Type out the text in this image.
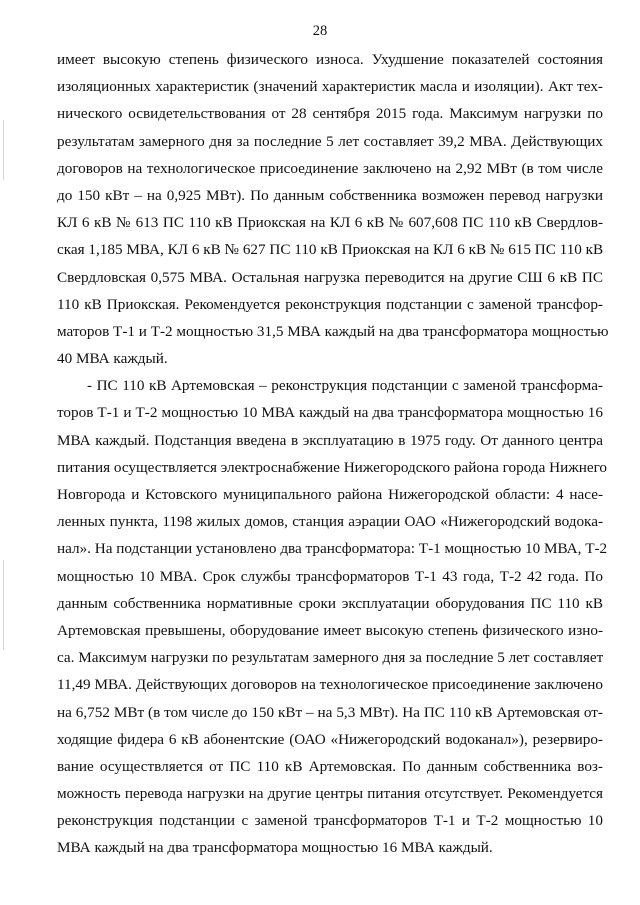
28
имеет высокую степень физического износа. Ухудшение показателей состояния
изоляционных характеристик (значений характеристик масла и изоляции). Акт тех-
нического освидетельствования от 28 сентября 2015 года. Максимум нагрузки по
результатам замерного дня за последние 5 лет составляет 39,2 МВА. Действующих
договоров на технологическое присоединение заключено на 2,92 МВт (в том числе
до 150 кВт – на 0,925 МВт). По данным собственника возможен перевод нагрузки
КЛ 6 кВ № 613 ПС 110 кВ Приокская на КЛ 6 кВ № 607,608 ПС 110 кВ Свердлов-
ская 1,185 МВА, КЛ 6 кВ № 627 ПС 110 кВ Приокская на КЛ 6 кВ № 615 ПС 110 кВ
Свердловская 0,575 МВА. Остальная нагрузка переводится на другие СШ 6 кВ ПС
110 кВ Приокская. Рекомендуется реконструкция подстанции с заменой трансфор-
маторов Т-1 и Т-2 мощностью 31,5 МВА каждый на два трансформатора мощностью
40 МВА каждый.
- ПС 110 кВ Артемовская – реконструкция подстанции с заменой трансформа-
торов Т-1 и Т-2 мощностью 10 МВА каждый на два трансформатора мощностью 16
МВА каждый. Подстанция введена в эксплуатацию в 1975 году. От данного центра
питания осуществляется электроснабжение Нижегородского района города Нижнего
Новгорода и Кстовского муниципального района Нижегородской области: 4 насе-
ленных пункта, 1198 жилых домов, станция аэрации ОАО «Нижегородский водока-
нал». На подстанции установлено два трансформатора: Т-1 мощностью 10 МВА, Т-2
мощностью 10 МВА. Срок службы трансформаторов Т-1 43 года, Т-2 42 года. По
данным собственника нормативные сроки эксплуатации оборудования ПС 110 кВ
Артемовская превышены, оборудование имеет высокую степень физического изно-
са. Максимум нагрузки по результатам замерного дня за последние 5 лет составляет
11,49 МВА. Действующих договоров на технологическое присоединение заключено
на 6,752 МВт (в том числе до 150 кВт – на 5,3 МВт). На ПС 110 кВ Артемовская от-
ходящие фидера 6 кВ абонентские (ОАО «Нижегородский водоканал»), резервиро-
вание осуществляется от ПС 110 кВ Артемовская. По данным собственника воз-
можность перевода нагрузки на другие центры питания отсутствует. Рекомендуется
реконструкция подстанции с заменой трансформаторов Т-1 и Т-2 мощностью 10
МВА каждый на два трансформатора мощностью 16 МВА каждый.
